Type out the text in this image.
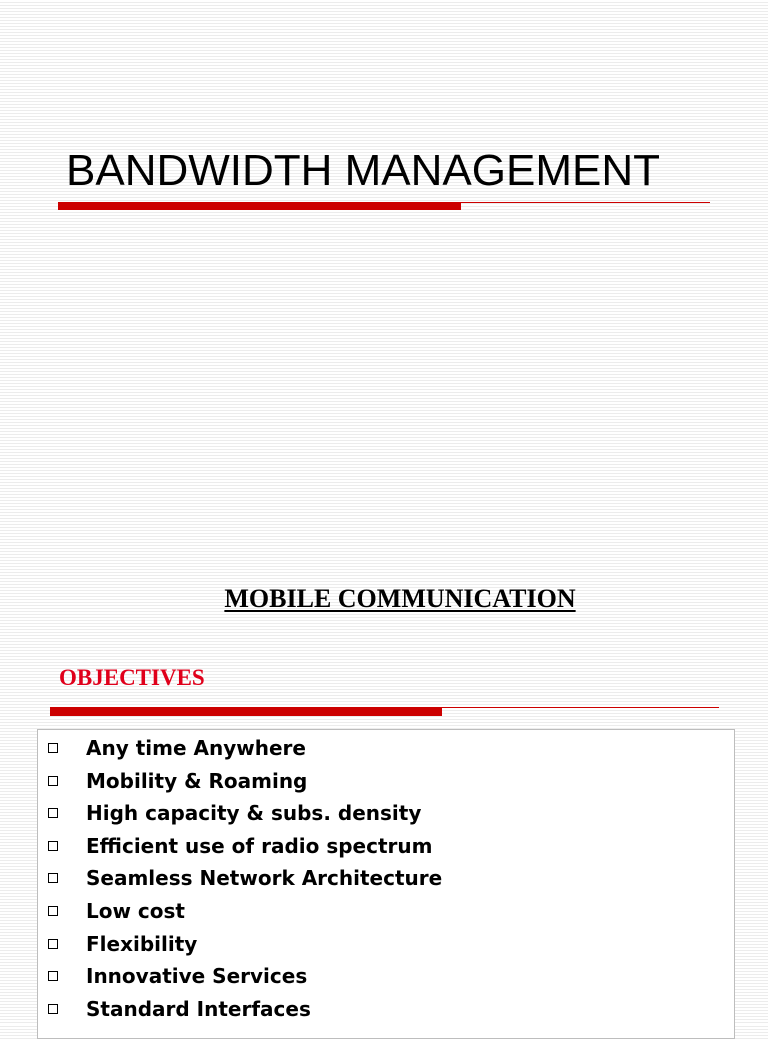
BANDWIDTH MANAGEMENT
MOBILE COMMUNICATION
OBJECTIVES
Any time Anywhere
Mobility & Roaming
High capacity & subs. density
Efficient use of radio spectrum
Seamless Network Architecture
Low cost
Flexibility
Innovative Services
Standard Interfaces
